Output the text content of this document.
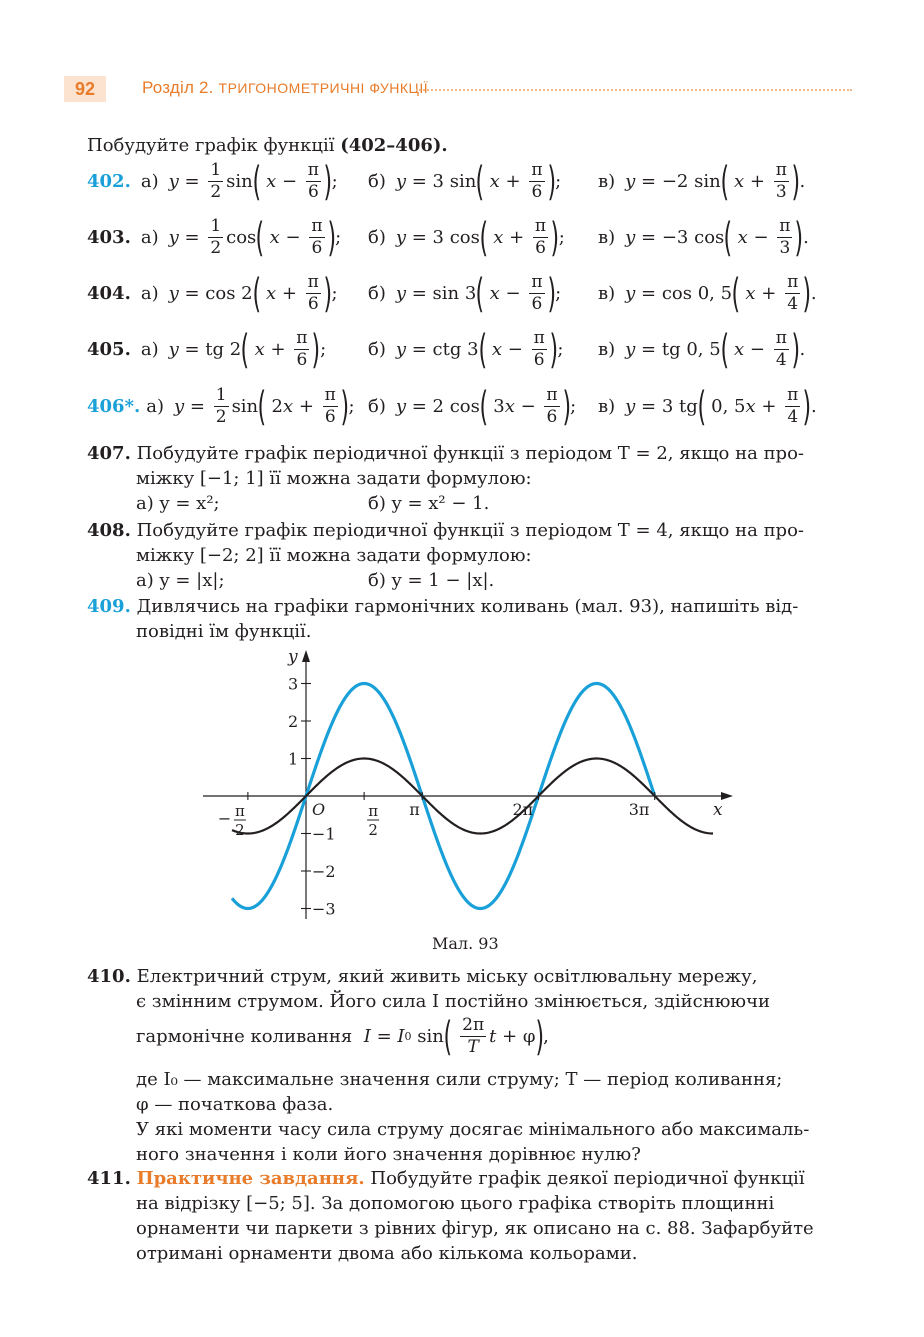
92	Розділ 2. ТРИГОНОМЕТРИЧНІ ФУНКЦІЇ
Побудуйте графік функції (402–406).
402. а) $y = \frac{1}{2}$ sin (
$x - \frac{\pi}{6}$ ) ; б) y = 3 sin (
$x + \frac{\pi}{6}$ ) ; в) y = −2 sin (
$x + \frac{\pi}{3}$ ) .
403. а) $y = \frac{1}{2}$ cos (
$x - \frac{\pi}{6}$ ) ; б) y = 3 cos (
$x + \frac{\pi}{6}$ ) ; в) y = −3 cos (
$x - \frac{\pi}{3}$ ) .
404. а) y = cos 2 (
$x + \frac{\pi}{6}$ ) ; б) y = sin 3 (
$x - \frac{\pi}{6}$ ) ; в) y = cos 0, 5 (
$x + \frac{\pi}{4}$ ) .
405. а) y = tg 2 (
$x + \frac{\pi}{6}$ ) ; б) y = ctg 3 (
$x - \frac{\pi}{6}$ ) ; в) y = tg 0, 5 (
$x - \frac{\pi}{4}$ ) .
406*. а) $y = \frac{1}{2}$ sin ( 2 $x + \frac{\pi}{6}$ ) ; б) y = 2 cos ( 3 $x - \frac{\pi}{6}$ ) ; в) y = 3 tg ( 0, 5 $x + \frac{\pi}{4}$ ) .
407. Побудуйте графік періодичної функції з періодом T = 2, якщо на про-
міжку [−1; 1] її можна задати формулою:
а) y = x²;	б) y = x² − 1.
408. Побудуйте графік періодичної функції з періодом T = 4, якщо на про-
міжку [−2; 2] її можна задати формулою:
а) y = |x|;	б) y = 1 − |x|.
409. Дивлячись на графіки гармонічних коливань (мал. 93), напишіть від-
повідні їм функції.
x
y
3
2
1
−1
−2
−3
− π
2
O	π
2
π	2π	3π
Мал. 93
410. Електричний струм, який живить міську освітлювальну мережу,
є змінним струмом. Його сила I постійно змінюється, здійснюючи
гармонічне коливання
I = I 0 sin (
$\frac{2\pi}{T}$ t + φ ) ,
де I₀ — максимальне значення сили струму; T — період коливання;
φ — початкова фаза.
У які моменти часу сила струму досягає мінімального або максималь-
ного значення і коли його значення дорівнює нулю?
411. Практичне завдання. Побудуйте графік деякої періодичної функції
на відрізку [−5; 5]. За допомогою цього графіка створіть площинні
орнаменти чи паркети з рівних фігур, як описано на с. 88. Зафарбуйте
отримані орнаменти двома або кількома кольорами.
